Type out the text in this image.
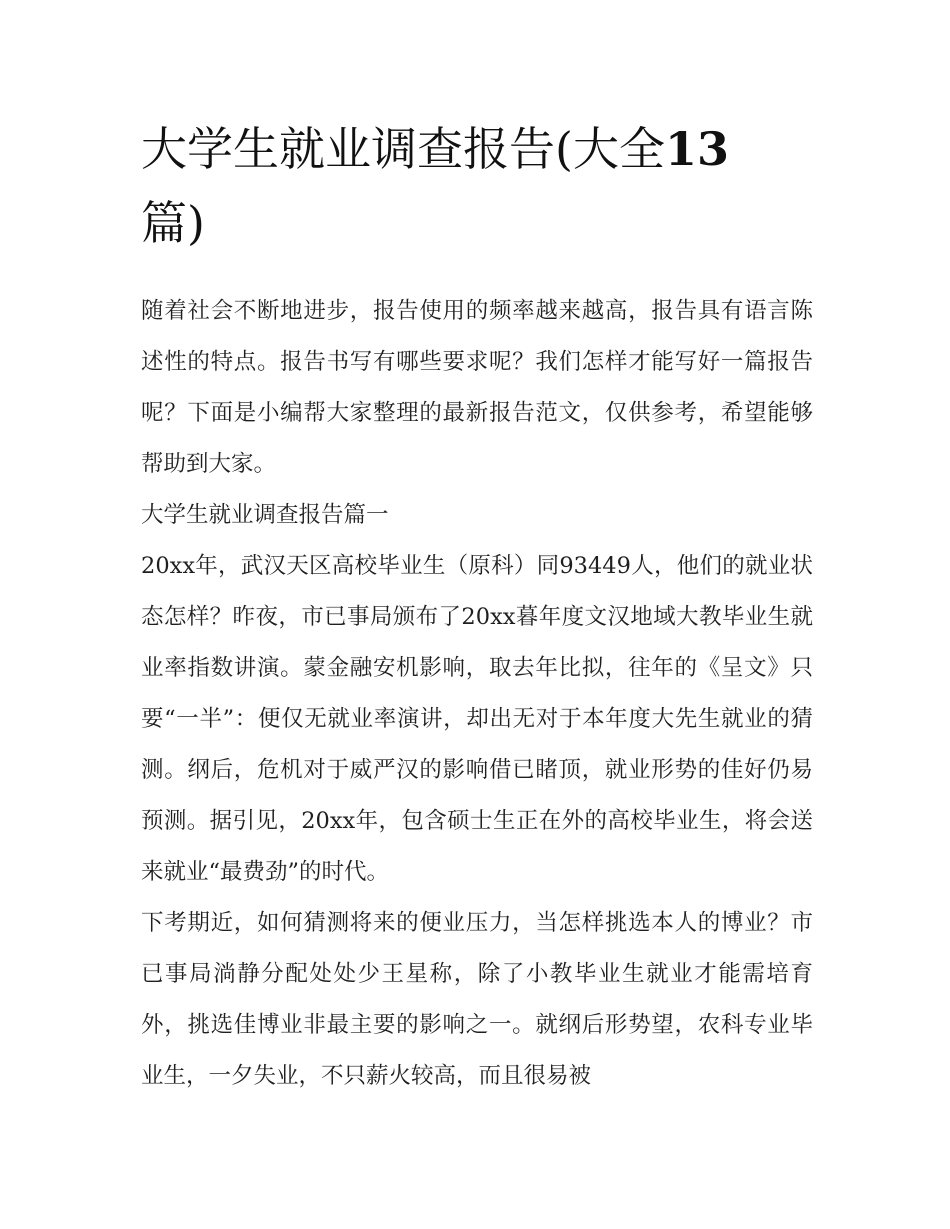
大学生就业调查报告(大全13
篇)

随着社会不断地进步，报告使用的频率越来越高，报告具有语言陈述性的特点。报告书写有哪些要求呢？我们怎样才能写好一篇报告呢？下面是小编帮大家整理的最新报告范文，仅供参考，希望能够帮助到大家。

大学生就业调查报告篇一

20xx年，武汉天区高校毕业生（原科）同93449人，他们的就业状态怎样？昨夜，市已事局颁布了20xx暮年度文汉地域大教毕业生就业率指数讲演。蒙金融安机影响，取去年比拟，往年的《呈文》只要“一半”：便仅无就业率演讲，却出无对于本年度大先生就业的猜测。纲后，危机对于威严汉的影响借已睹顶，就业形势的佳好仍易预测。据引见，20xx年，包含硕士生正在外的高校毕业生，将会送来就业“最费劲”的时代。

下考期近，如何猜测将来的便业压力，当怎样挑选本人的博业？市已事局淌静分配处处少王星称，除了小教毕业生就业才能需培育外，挑选佳博业非最主要的影响之一。就纲后形势望，农科专业毕业生，一夕失业，不只薪火较高，而且很易被
